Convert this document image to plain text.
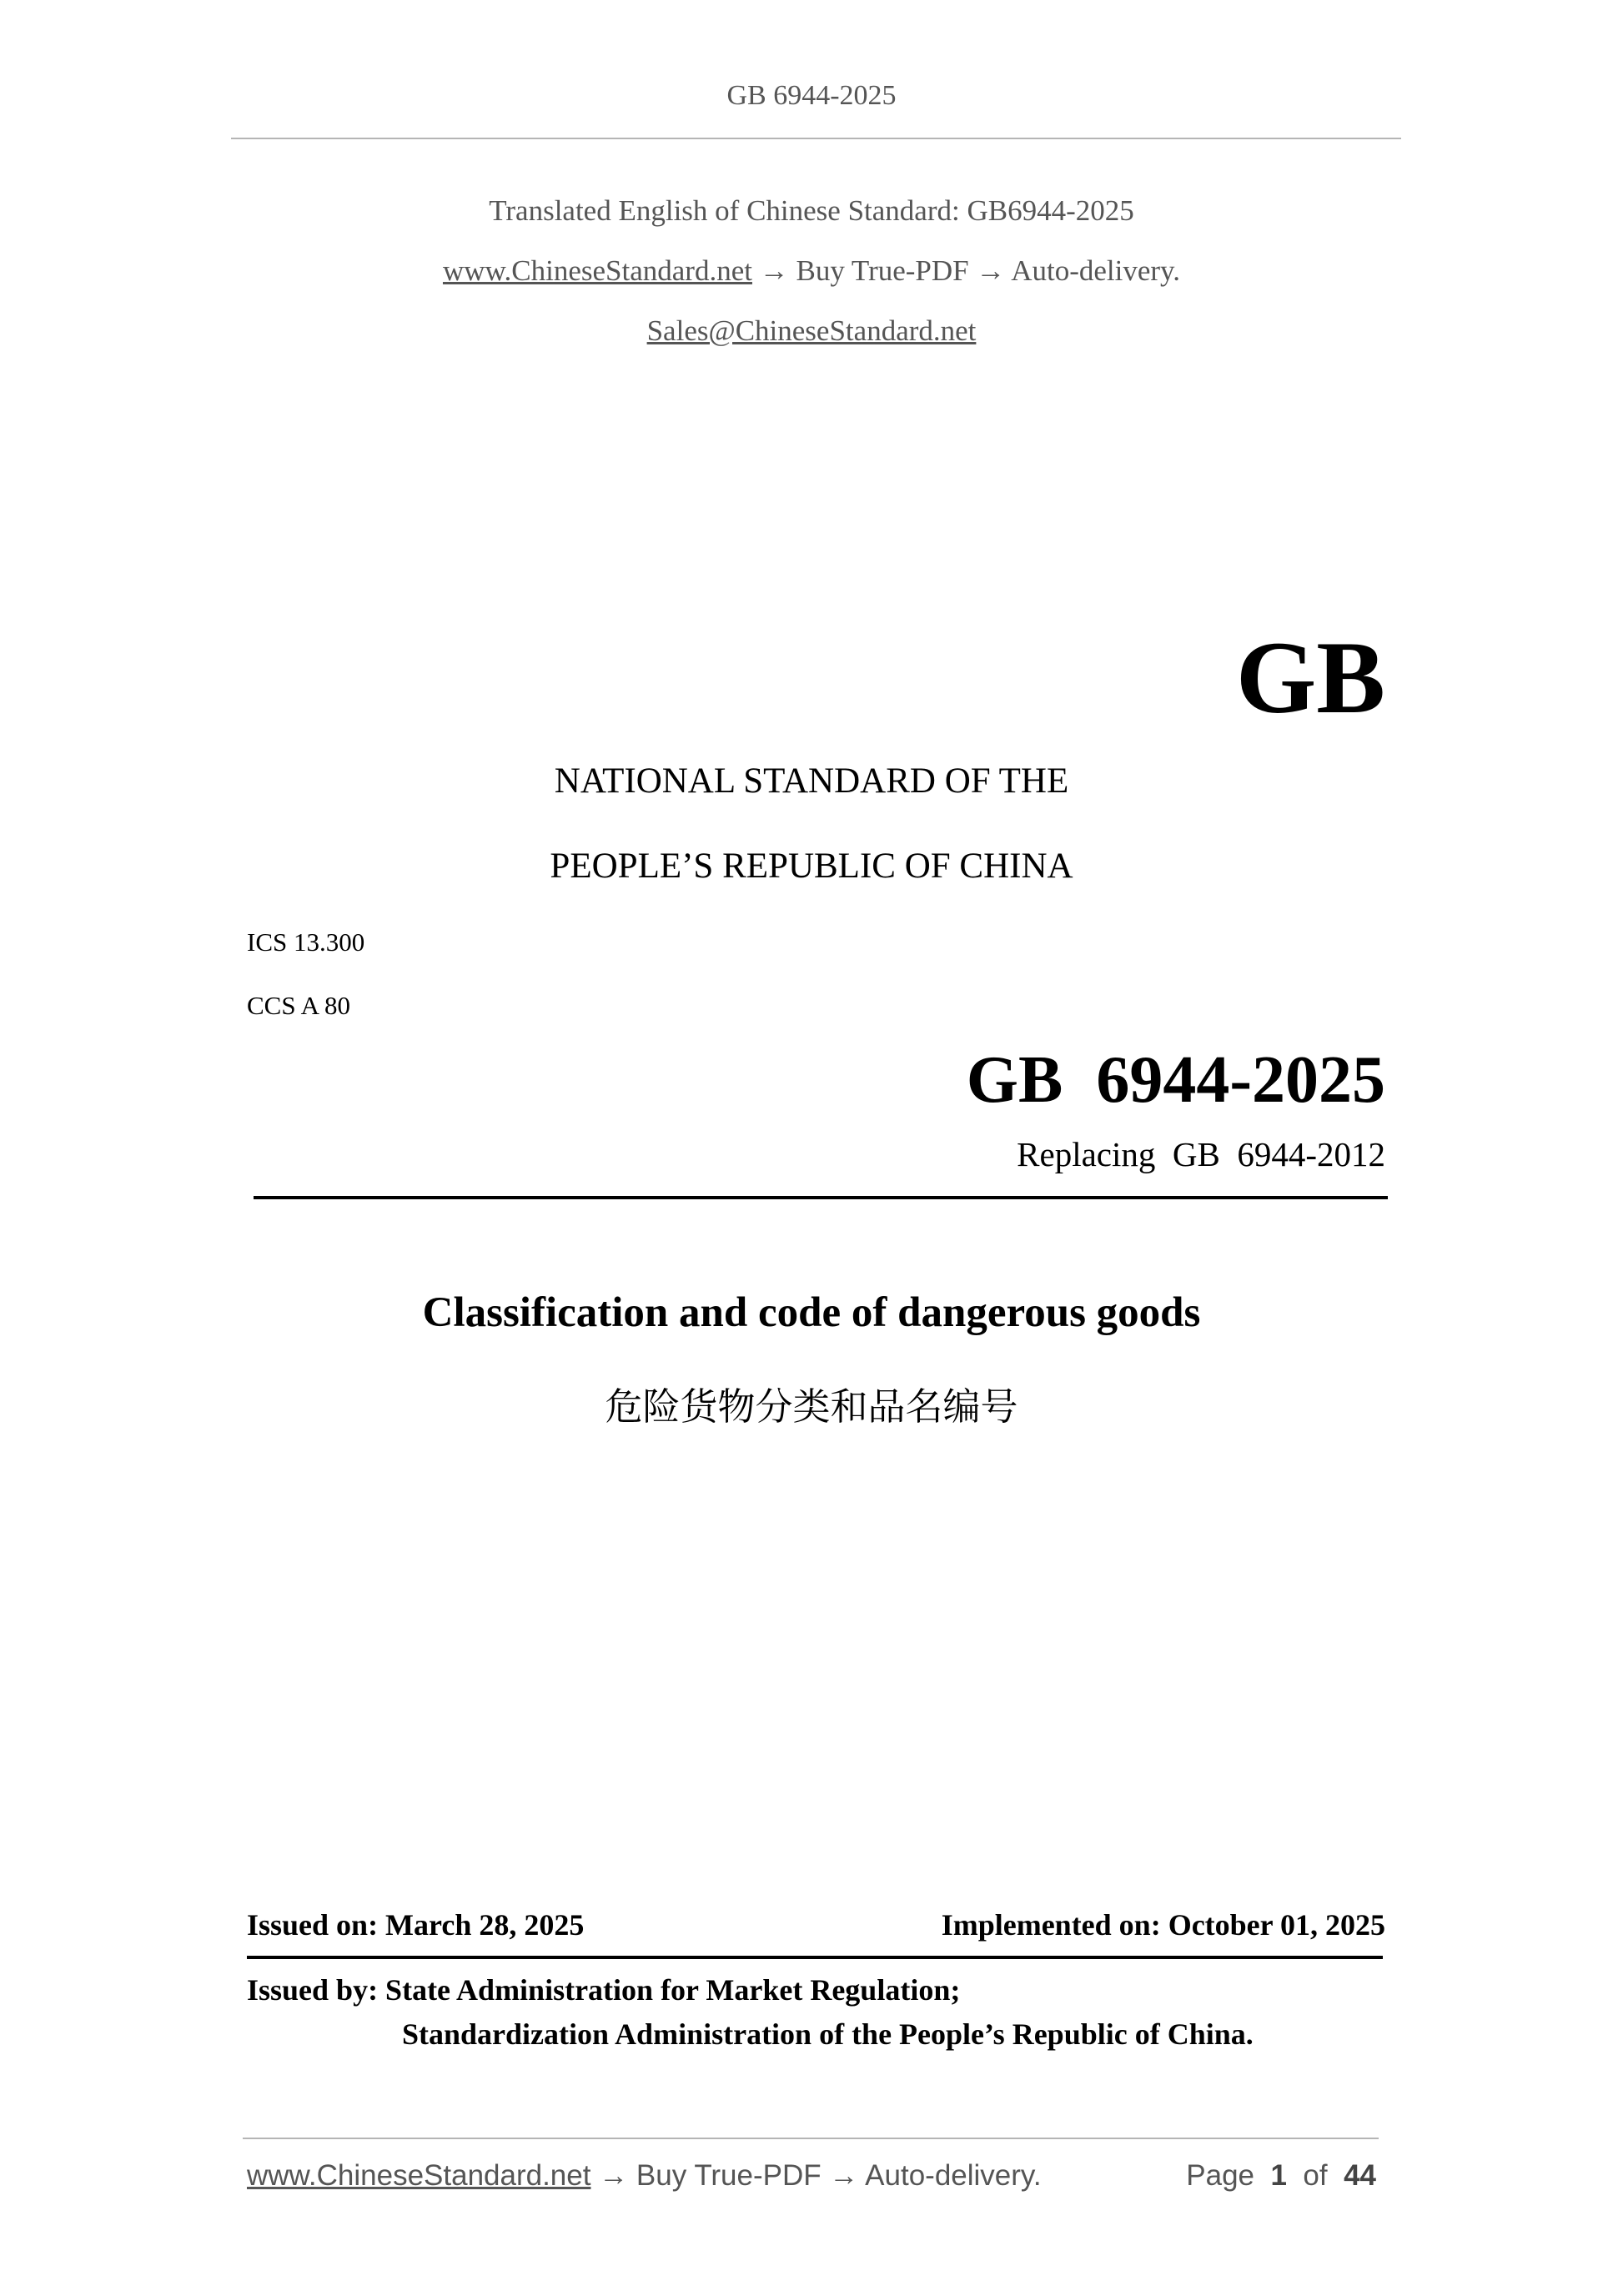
GB 6944-2025
Translated English of Chinese Standard: GB6944-2025
www.ChineseStandard.net → Buy True-PDF → Auto-delivery.
Sales@ChineseStandard.net
GB
NATIONAL STANDARD OF THE
PEOPLE’S REPUBLIC OF CHINA
ICS 13.300
CCS A 80
GB  6944-2025
Replacing  GB  6944-2012
Classification and code of dangerous goods
危险货物分类和品名编号
Issued on: March 28, 2025	Implemented on: October 01, 2025
Issued by: State Administration for Market Regulation;
Standardization Administration of the People’s Republic of China.
www.ChineseStandard.net → Buy True-PDF → Auto-delivery.	Page 1 of 44
